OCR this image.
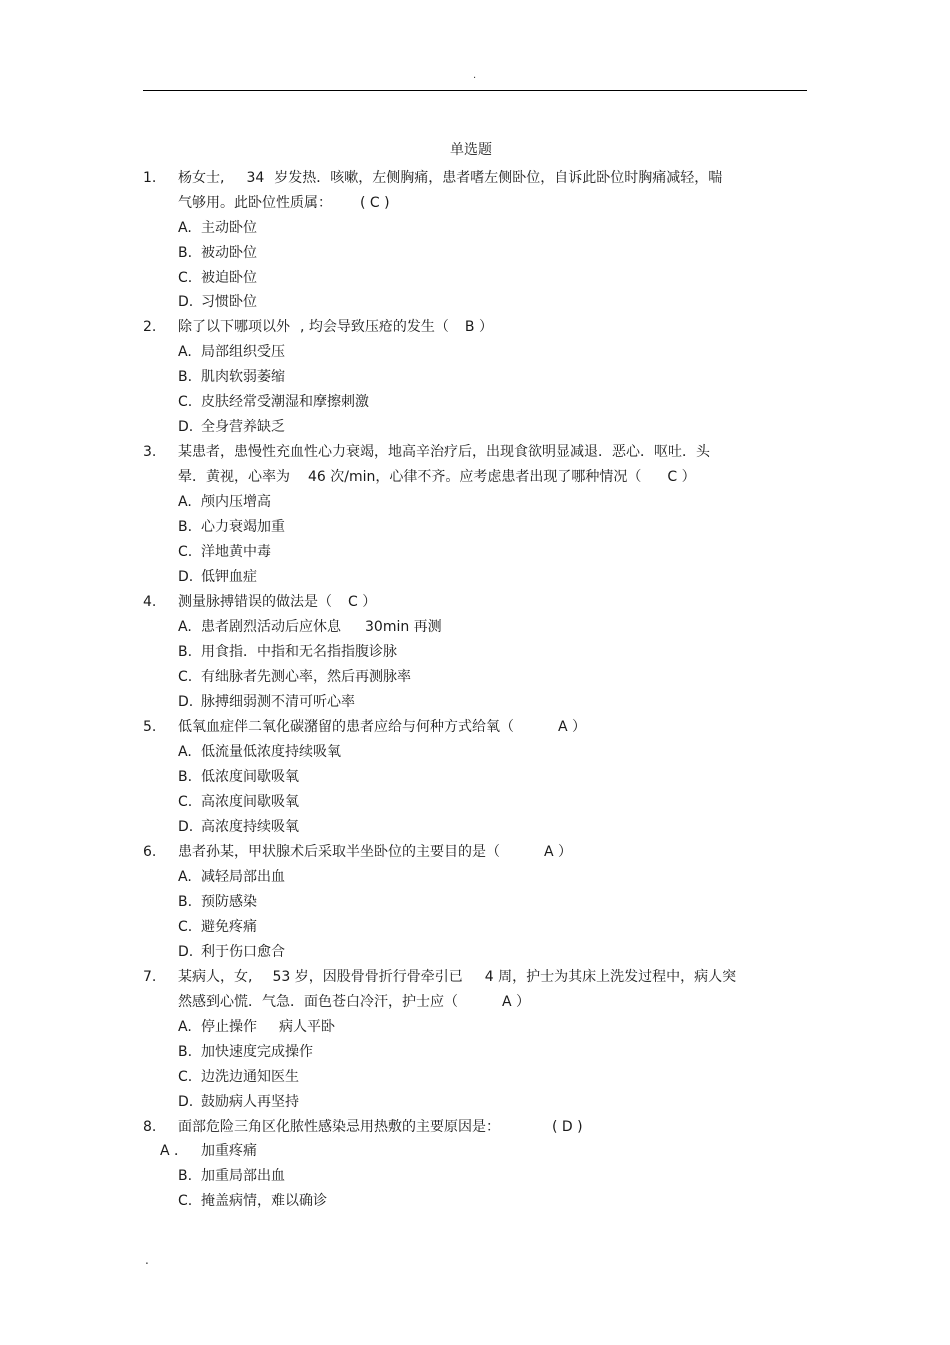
.
单选题
1. 杨女士, 34 岁发热．咳嗽，左侧胸痛，患者嗜左侧卧位，自诉此卧位时胸痛减轻，喘
气够用。此卧位性质属： ( C )
A. 主动卧位
B. 被动卧位
C. 被迫卧位
D. 习惯卧位
2. 除了以下哪项以外 , 均会导致压疮的发生（ B ）
A. 局部组织受压
B. 肌肉软弱萎缩
C. 皮肤经常受潮湿和摩擦刺激
D. 全身营养缺乏
3. 某患者，患慢性充血性心力衰竭，地高辛治疗后，出现食欲明显减退．恶心．呕吐．头
晕．黄视，心率为 46 次/min，心律不齐。应考虑患者出现了哪种情况（ C ）
A. 颅内压增高
B. 心力衰竭加重
C. 洋地黄中毒
D. 低钾血症
4. 测量脉搏错误的做法是（ C ）
A. 患者剧烈活动后应休息 30min 再测
B. 用食指．中指和无名指指腹诊脉
C. 有绌脉者先测心率，然后再测脉率
D. 脉搏细弱测不清可听心率
5. 低氧血症伴二氧化碳潴留的患者应给与何种方式给氧（	A ）
A. 低流量低浓度持续吸氧
B. 低浓度间歇吸氧
C. 高浓度间歇吸氧
D. 高浓度持续吸氧
6. 患者孙某，甲状腺术后采取半坐卧位的主要目的是（	A ）
A. 减轻局部出血
B. 预防感染
C. 避免疼痛
D. 利于伤口愈合
7. 某病人，女, 53 岁，因股骨骨折行骨牵引已 4 周，护士为其床上洗发过程中，病人突
然感到心慌．气急．面色苍白冷汗，护士应（	A ）
A. 停止操作 病人平卧
B. 加快速度完成操作
C. 边洗边通知医生
D. 鼓励病人再坚持
8. 面部危险三角区化脓性感染忌用热敷的主要原因是：	( D )
A ． 加重疼痛
B. 加重局部出血
C. 掩盖病情，难以确诊
.
